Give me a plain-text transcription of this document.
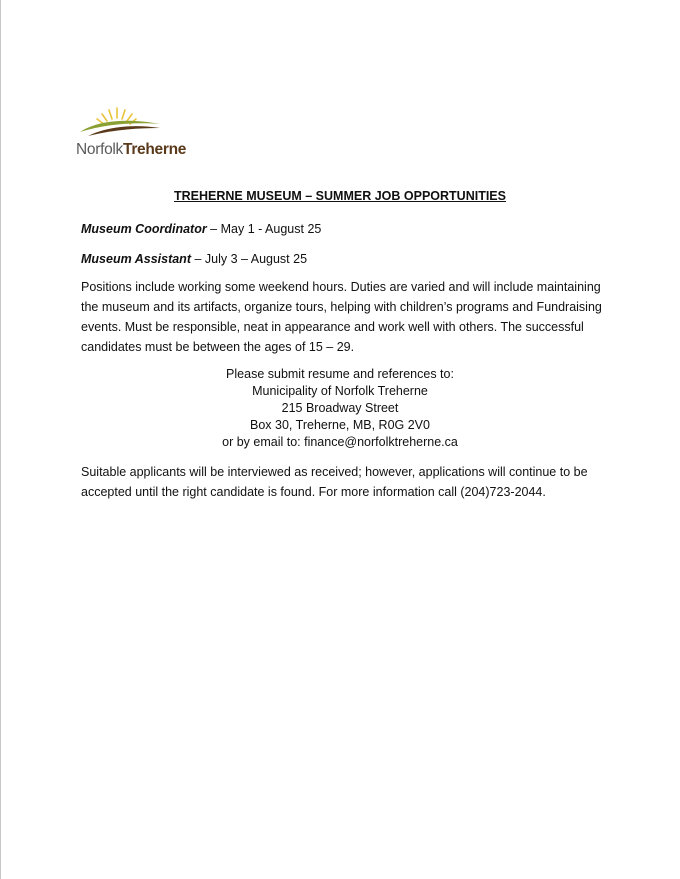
NorfolkTreherne
TREHERNE MUSEUM – SUMMER JOB OPPORTUNITIES
Museum Coordinator – May 1 - August 25
Museum Assistant – July 3 – August 25

Positions include working some weekend hours. Duties are varied and will include maintaining the museum and its artifacts, organize tours, helping with children’s programs and Fundraising events. Must be responsible, neat in appearance and work well with others. The successful candidates must be between the ages of 15 – 29.

Please submit resume and references to:
Municipality of Norfolk Treherne
215 Broadway Street
Box 30, Treherne, MB, R0G 2V0
or by email to: finance@norfolktreherne.ca

Suitable applicants will be interviewed as received; however, applications will continue to be accepted until the right candidate is found. For more information call (204)723-2044.
